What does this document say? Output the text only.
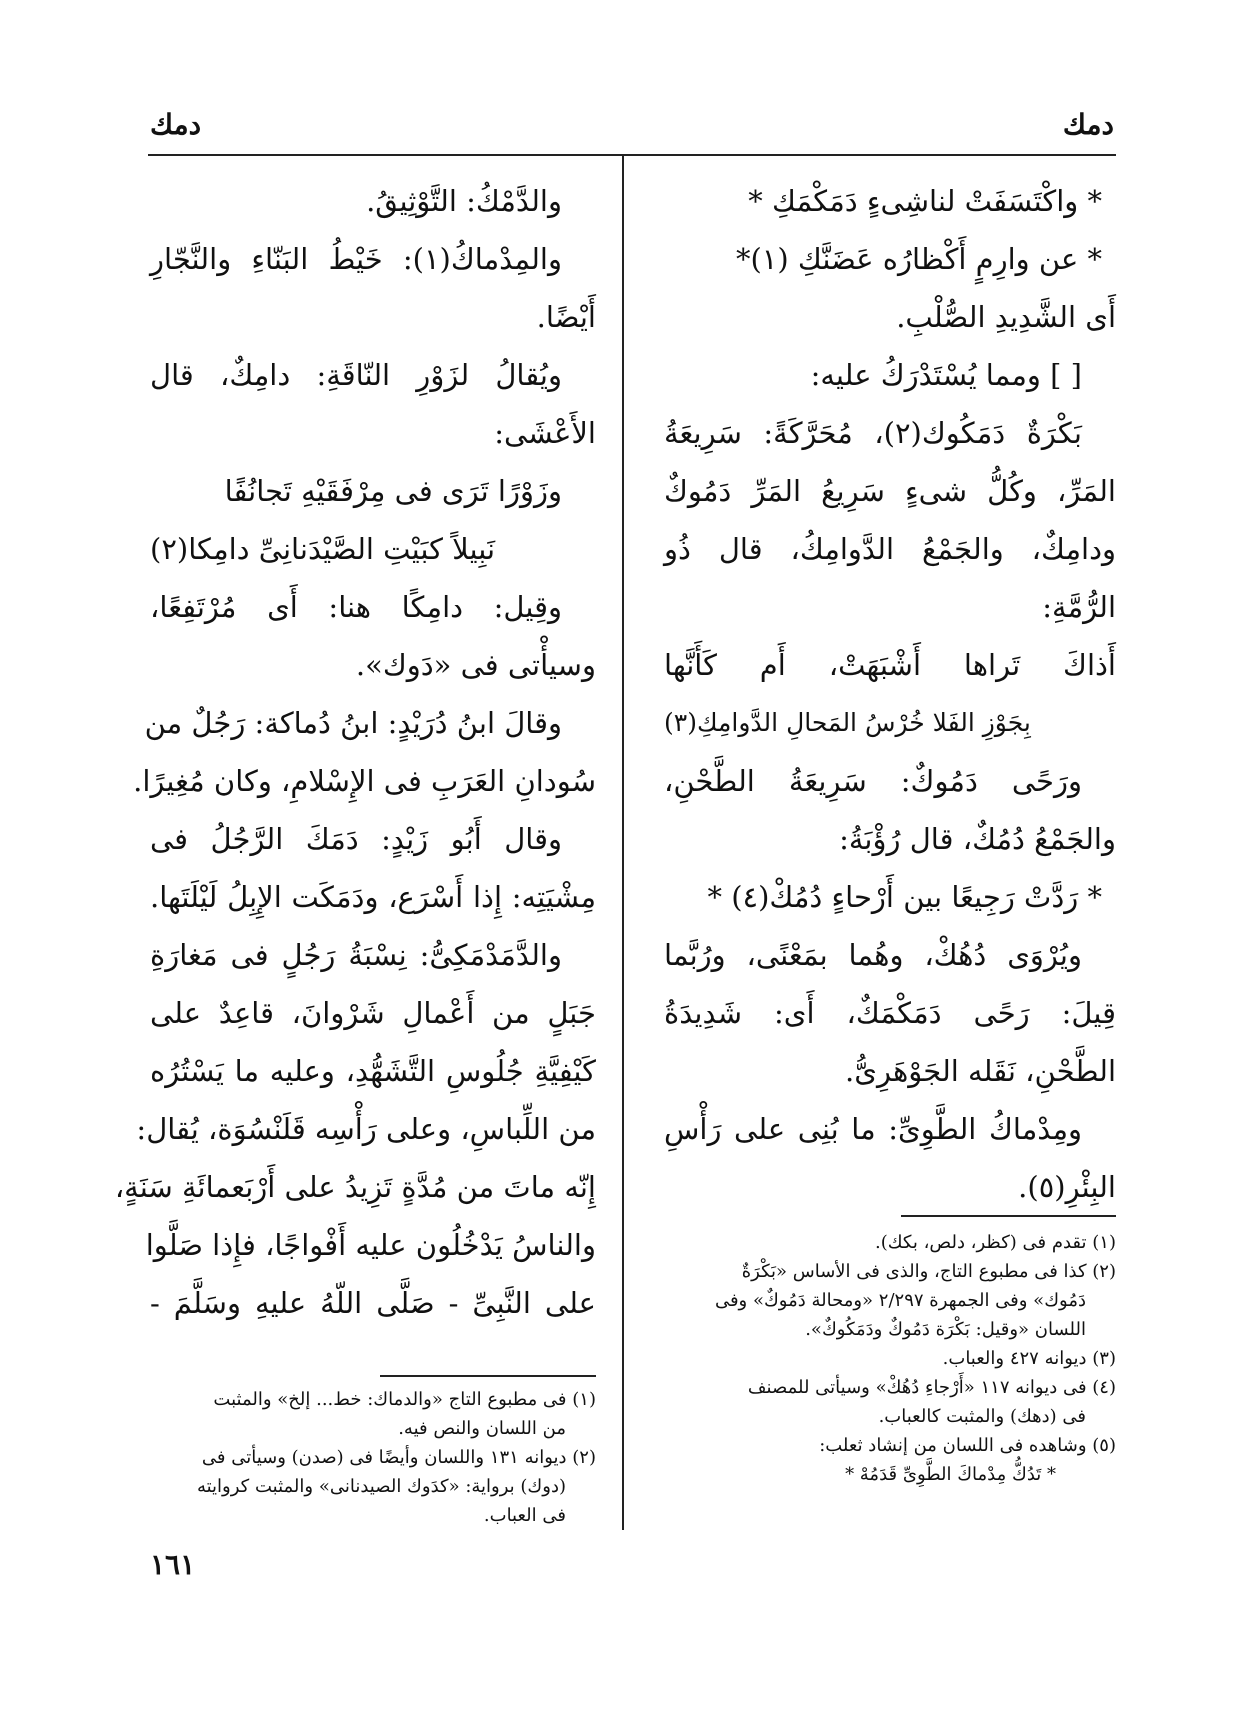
دمك	دمك

* واكْتَسَفَتْ لناشِىءٍ دَمَكْمَكِ *

* عن وارِمٍ أَكْظارُه عَضَنَّكِ (١)*

أَى الشَّدِيدِ الصُّلْبِ.

[ ] ومما يُسْتَدْرَكُ عليه:

بَكْرَةٌ دَمَكُوك(٢)، مُحَرَّكَةً: سَرِيعَةُ

المَرِّ، وكُلُّ شىءٍ سَرِيعُ المَرِّ دَمُوكٌ

ودامِكٌ، والجَمْعُ الدَّوامِكُ، قال ذُو

الرُّمَّةِ:

أَذاكَ تَراها أَشْبَهَتْ، أَم كَأَنَّها

بِجَوْزِ الفَلا خُرْسُ المَحالِ الدَّوامِكِ(٣)

ورَحًى دَمُوكٌ: سَرِيعَةُ الطَّحْنِ،

والجَمْعُ دُمُكٌ، قال رُؤْبَةُ:

* رَدَّتْ رَجِيعًا بين أَرْحاءٍ دُمُكْ(٤) *

ويُرْوَى دُهُكْ، وهُما بمَعْنًى، ورُبَّما

قِيلَ: رَحًى دَمَكْمَكٌ، أَى: شَدِيدَةُ

الطَّحْنِ، نَقَله الجَوْهَرِىُّ.

ومِدْماكُ الطَّوِىِّ: ما بُنِى على رَأْسِ

البِئْرِ(٥).

والدَّمْكُ: التَّوْثِيقُ.

والمِدْماكُ(١): خَيْطُ البَنّاءِ والنَّجّارِ

أَيْضًا.

ويُقالُ لزَوْرِ النّاقَةِ: دامِكٌ، قال

الأَعْشَى:

وزَوْرًا تَرَى فى مِرْفَقَيْهِ تَجانُفًا

نَبِيلاً كبَيْتِ الصَّيْدَنانِىِّ دامِكا(٢)

وقِيل: دامِكًا هنا: أَى مُرْتَفِعًا،

وسيأْتى فى «دَوك».

وقالَ ابنُ دُرَيْدٍ: ابنُ دُماكة: رَجُلٌ من

سُودانِ العَرَبِ فى الإِسْلامِ، وكان مُغِيرًا.

وقال أَبُو زَيْدٍ: دَمَكَ الرَّجُلُ فى

مِشْيَتِه: إِذا أَسْرَع، ودَمَكَت الإِبِلُ لَيْلَتَها.

والدَّمَدْمَكِىُّ: نِسْبَةُ رَجُلٍ فى مَغارَةِ

جَبَلٍ من أَعْمالِ شَرْوانَ، قاعِدٌ على

كَيْفِيَّةِ جُلُوسِ التَّشَهُّدِ، وعليه ما يَسْتُرُه

من اللِّباسِ، وعلى رَأْسِه قَلَنْسُوَة، يُقال:

إِنّه ماتَ من مُدَّةٍ تَزِيدُ على أَرْبَعمائَةِ سَنَةٍ،

والناسُ يَدْخُلُون عليه أَفْواجًا، فإِذا صَلَّوا

على النَّبِىِّ - صَلَّى اللّهُ عليهِ وسَلَّمَ -

(١) تقدم فى (كظر، دلص، بكك).

(٢) كذا فى مطبوع التاج، والذى فى الأساس «بَكْرَةٌ

دَمُوك» وفى الجمهرة ٢/٢٩٧ «ومحالة دَمُوكٌ» وفى

اللسان «وقيل: بَكْرَة دَمُوكٌ ودَمَكُوكٌ».

(٣) ديوانه ٤٢٧ والعباب.

(٤) فى ديوانه ١١٧ «أَرْجاءِ دُهُكْ» وسيأتى للمصنف

فى (دهك) والمثبت كالعباب.

(٥) وشاهده فى اللسان من إنشاد ثعلب:

* تَدُكُّ مِدْماكَ الطَّوِىِّ قَدَمُهْ *

(١) فى مطبوع التاج «والدماك: خط... إلخ» والمثبت

من اللسان والنص فيه.

(٢) ديوانه ١٣١ واللسان وأيضًا فى (صدن) وسيأتى فى

(دوك) برواية: «كدَوك الصيدنانى» والمثبت كروايته

فى العباب.

١٦١
